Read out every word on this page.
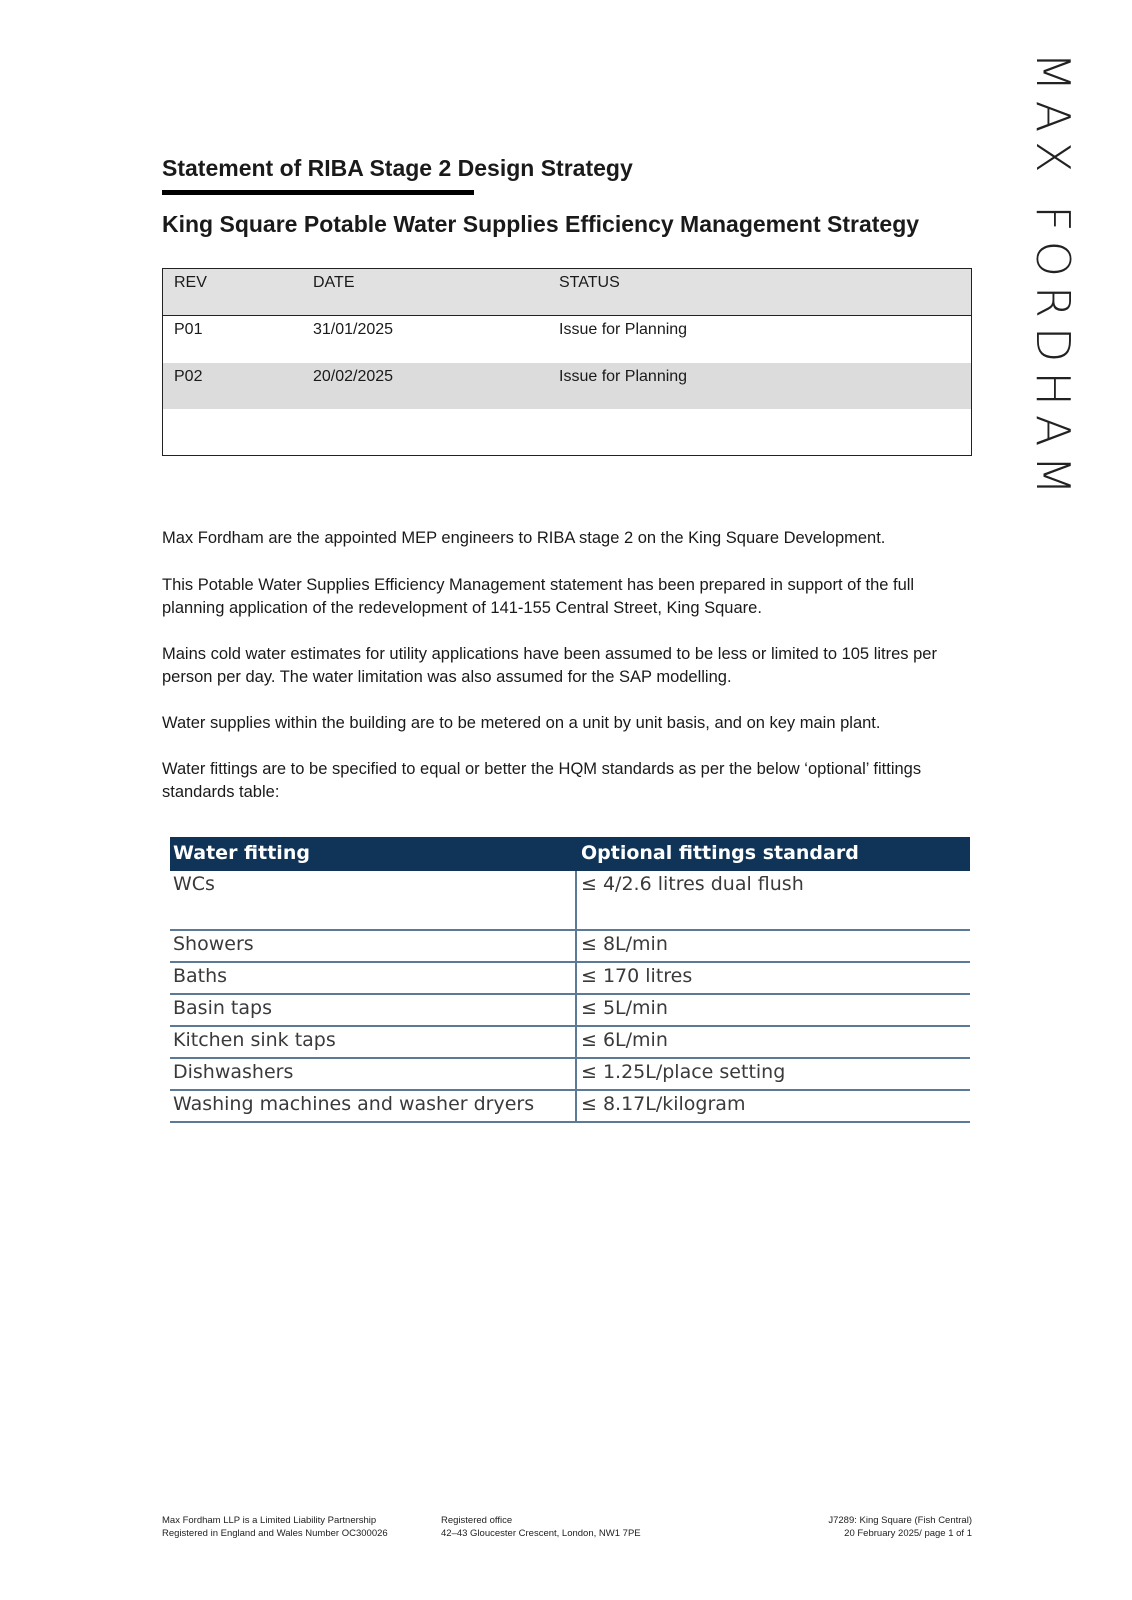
MAX FORDHAM
Statement of RIBA Stage 2 Design Strategy
King Square Potable Water Supplies Efficiency Management Strategy
REV	DATE	STATUS
P01	31/01/2025	Issue for Planning
P02	20/02/2025	Issue for Planning

Max Fordham are the appointed MEP engineers to RIBA stage 2 on the King Square Development.

This Potable Water Supplies Efficiency Management statement has been prepared in support of the full planning application of the redevelopment of 141-155 Central Street, King Square.

Mains cold water estimates for utility applications have been assumed to be less or limited to 105 litres per person per day. The water limitation was also assumed for the SAP modelling.

Water supplies within the building are to be metered on a unit by unit basis, and on key main plant.

Water fittings are to be specified to equal or better the HQM standards as per the below ‘optional’ fittings standards table:

Water fitting	Optional fittings standard
WCs	≤ 4/2.6 litres dual flush
Showers	≤ 8L/min
Baths	≤ 170 litres
Basin taps	≤ 5L/min
Kitchen sink taps	≤ 6L/min
Dishwashers	≤ 1.25L/place setting
Washing machines and washer dryers ≤ 8.17L/kilogram
Max Fordham LLP is a Limited Liability Partnership
Registered in England and Wales Number OC300026
Registered office
42–43 Gloucester Crescent, London, NW1 7PE
J7289: King Square (Fish Central)
20 February 2025/ page 1 of 1
